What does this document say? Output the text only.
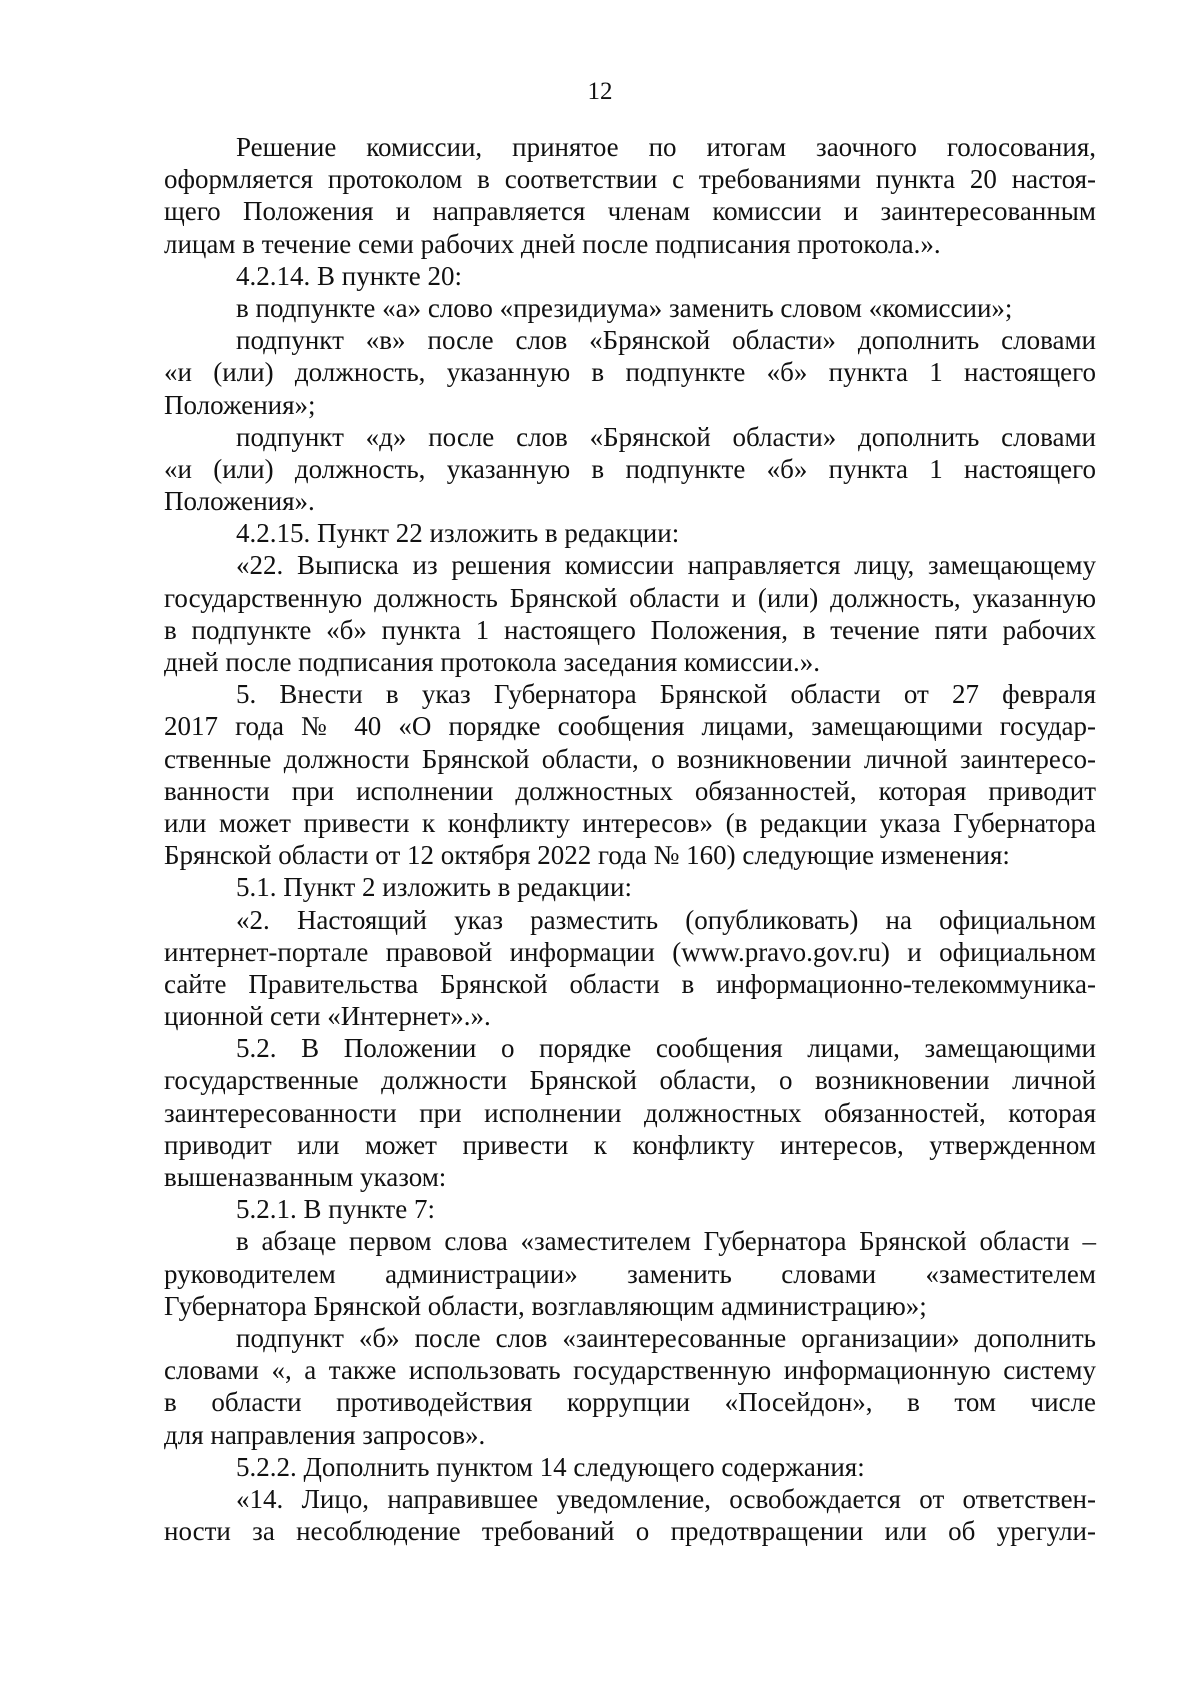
12
Решение комиссии, принятое по итогам заочного голосования,
оформляется протоколом в соответствии с требованиями пункта 20 настоя-
щего Положения и направляется членам комиссии и заинтересованным
лицам в течение семи рабочих дней после подписания протокола.».
4.2.14. В пункте 20:
в подпункте «а» слово «президиума» заменить словом «комиссии»;
подпункт «в» после слов «Брянской области» дополнить словами
«и (или) должность, указанную в подпункте «б» пункта 1 настоящего
Положения»;
подпункт «д» после слов «Брянской области» дополнить словами
«и (или) должность, указанную в подпункте «б» пункта 1 настоящего
Положения».
4.2.15. Пункт 22 изложить в редакции:
«22. Выписка из решения комиссии направляется лицу, замещающему
государственную должность Брянской области и (или) должность, указанную
в подпункте «б» пункта 1 настоящего Положения, в течение пяти рабочих
дней после подписания протокола заседания комиссии.».
5. Внести в указ Губернатора Брянской области от 27 февраля
2017 года № 40 «О порядке сообщения лицами, замещающими государ-
ственные должности Брянской области, о возникновении личной заинтересо-
ванности при исполнении должностных обязанностей, которая приводит
или может привести к конфликту интересов» (в редакции указа Губернатора
Брянской области от 12 октября 2022 года № 160) следующие изменения:
5.1. Пункт 2 изложить в редакции:
«2. Настоящий указ разместить (опубликовать) на официальном
интернет-портале правовой информации (www.pravo.gov.ru) и официальном
сайте Правительства Брянской области в информационно-телекоммуника-
ционной сети «Интернет».».
5.2. В Положении о порядке сообщения лицами, замещающими
государственные должности Брянской области, о возникновении личной
заинтересованности при исполнении должностных обязанностей, которая
приводит или может привести к конфликту интересов, утвержденном
вышеназванным указом:
5.2.1. В пункте 7:
в абзаце первом слова «заместителем Губернатора Брянской области –
руководителем администрации» заменить словами «заместителем
Губернатора Брянской области, возглавляющим администрацию»;
подпункт «б» после слов «заинтересованные организации» дополнить
словами «, а также использовать государственную информационную систему
в области противодействия коррупции «Посейдон», в том числе
для направления запросов».
5.2.2. Дополнить пунктом 14 следующего содержания:
«14. Лицо, направившее уведомление, освобождается от ответствен-
ности за несоблюдение требований о предотвращении или об урегули-
